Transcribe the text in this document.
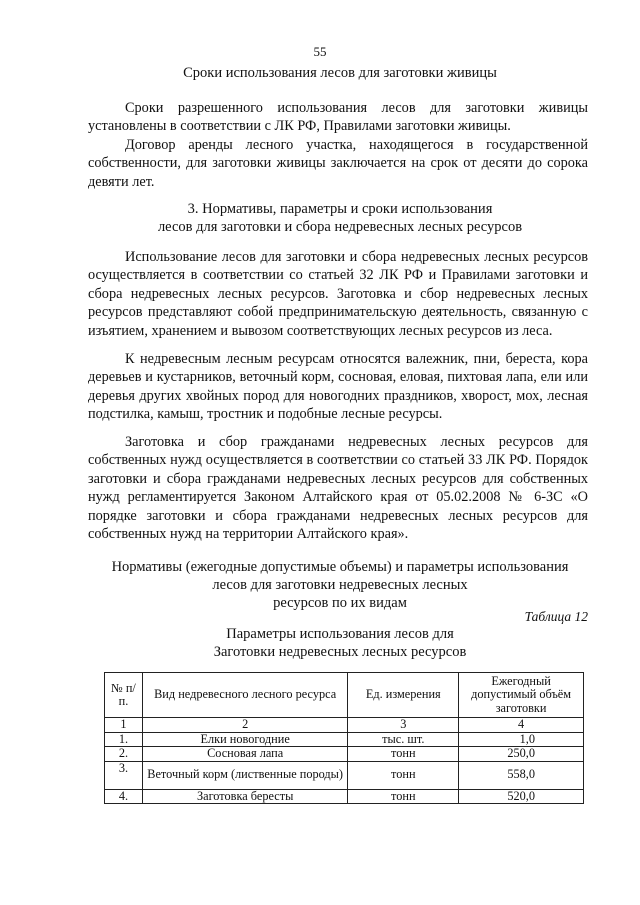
55
Сроки использования лесов для заготовки живицы

Сроки разрешенного использования лесов для заготовки живицы установлены в соответствии с ЛК РФ, Правилами заготовки живицы.

Договор аренды лесного участка, находящегося в государственной собственности, для заготовки живицы заключается на срок от десяти до сорока девяти лет.

3. Нормативы, параметры и сроки использования
лесов для заготовки и сбора недревесных лесных ресурсов

Использование лесов для заготовки и сбора недревесных лесных ресурсов осуществляется в соответствии со статьей 32 ЛК РФ и Правилами заготовки и сбора недревесных лесных ресурсов. Заготовка и сбор недревесных лесных ресурсов представляют собой предпринимательскую деятельность, связанную с изъятием, хранением и вывозом соответствующих лесных ресурсов из леса.

К недревесным лесным ресурсам относятся валежник, пни, береста, кора деревьев и кустарников, веточный корм, сосновая, еловая, пихтовая лапа, ели или деревья других хвойных пород для новогодних праздников, хворост, мох, лесная подстилка, камыш, тростник и подобные лесные ресурсы.

Заготовка и сбор гражданами недревесных лесных ресурсов для собственных нужд осуществляется в соответствии со статьей 33 ЛК РФ. Порядок заготовки и сбора гражданами недревесных лесных ресурсов для собственных нужд регламентируется Законом Алтайского края от 05.02.2008 № 6-ЗС «О порядке заготовки и сбора гражданами недревесных лесных ресурсов для собственных нужд на территории Алтайского края».

Нормативы (ежегодные допустимые объемы) и параметры использования
лесов для заготовки недревесных лесных
ресурсов по их видам
Таблица 12
Параметры использования лесов для
Заготовки недревесных лесных ресурсов
№ п/п.	Вид недревесного лесного ресурса	Ед. измерения	Ежегодный допустимый объём заготовки
1	2	3	4
1.	Елки новогодние	тыс. шт.	1,0
2.	Сосновая лапа	тонн	250,0
3.	Веточный корм (лиственные породы)	тонн	558,0
4.	Заготовка бересты	тонн	520,0
